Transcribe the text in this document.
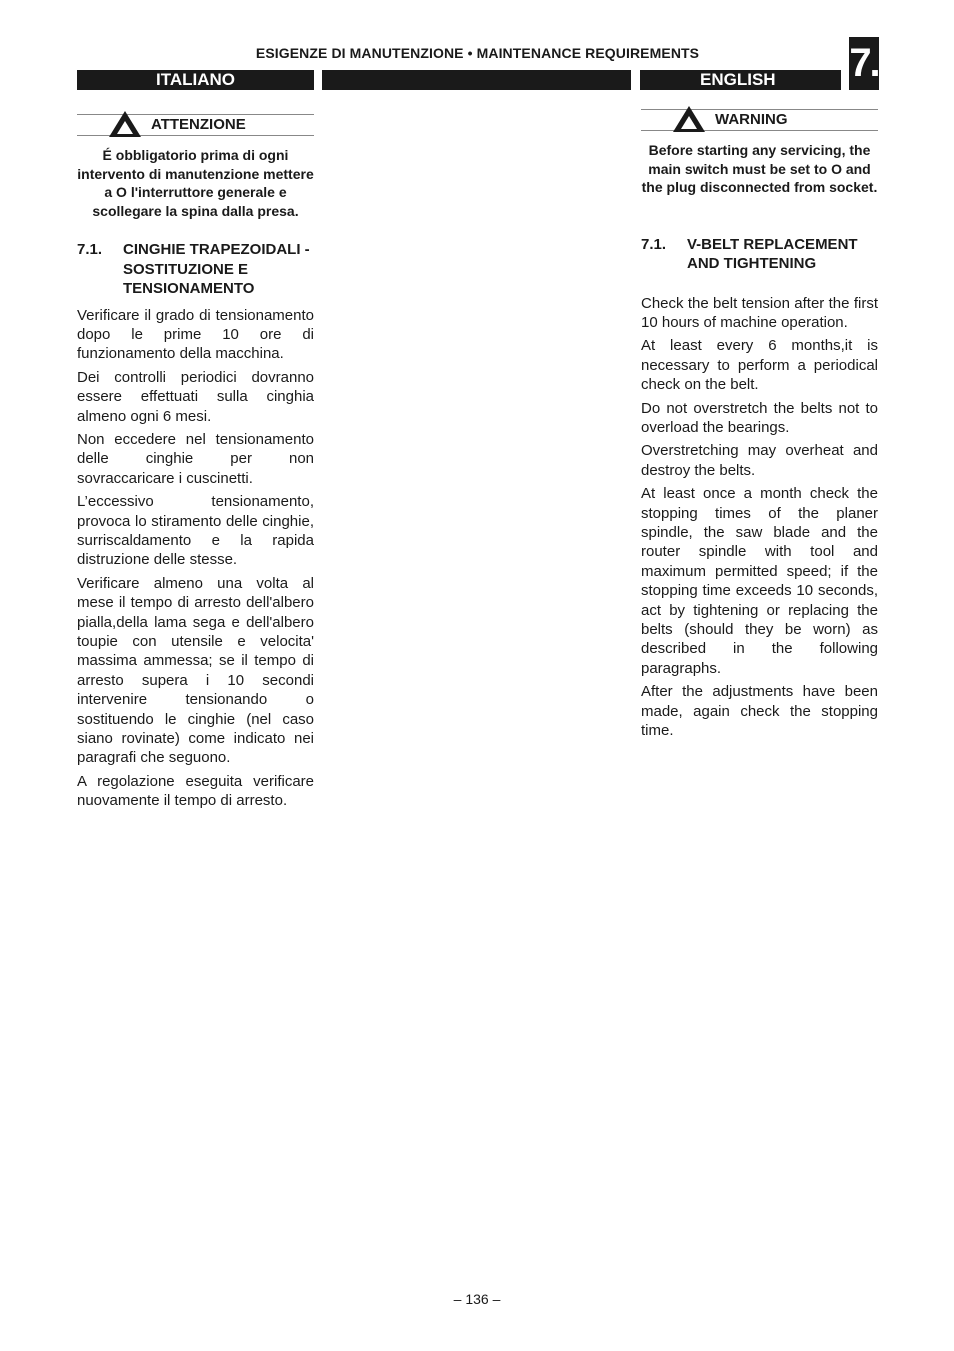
ESIGENZE DI MANUTENZIONE • MAINTENANCE REQUIREMENTS	7.
ITALIANO	ENGLISH
ATTENZIONE
É obbligatorio prima di ogni intervento di manutenzione mettere a O l'interruttore generale e scollegare la spina dalla presa.
7.1.	CINGHIE TRAPEZOIDALI - SOSTITUZIONE E TENSIONAMENTO

Verificare il grado di tensionamento dopo le prime 10 ore di funzionamento della macchina.

Dei controlli periodici dovranno essere effettuati sulla cinghia almeno ogni 6 mesi.

Non eccedere nel tensionamento delle cinghie per non sovraccaricare i cuscinetti.

L’eccessivo tensionamento, provoca lo stiramento delle cinghie, surriscaldamento e la rapida distruzione delle stesse.

Verificare almeno una volta al mese il tempo di arresto dell'albero pialla,della lama sega e dell'albero toupie con utensile e velocita' massima ammessa; se il tempo di arresto supera i 10 secondi intervenire tensionando o sostituendo le cinghie (nel caso siano rovinate) come indicato nei paragrafi che seguono.

A regolazione eseguita verificare nuovamente il tempo di arresto.

WARNING
Before starting any servicing, the main switch must be set to O and the plug disconnected from socket.
7.1.	V-BELT REPLACEMENT AND TIGHTENING

Check the belt tension after the first 10 hours of machine operation.

At least every 6 months,it is necessary to perform a periodical check on the belt.

Do not overstretch the belts not to overload the bearings.

Overstretching may overheat and destroy the belts.

At least once a month check the stopping times of the planer spindle, the saw blade and the router spindle with tool and maximum permitted speed; if the stopping time exceeds 10 seconds, act by tightening or replacing the belts (should they be worn) as described in the following paragraphs.

After the adjustments have been made, again check the stopping time.

– 136 –
